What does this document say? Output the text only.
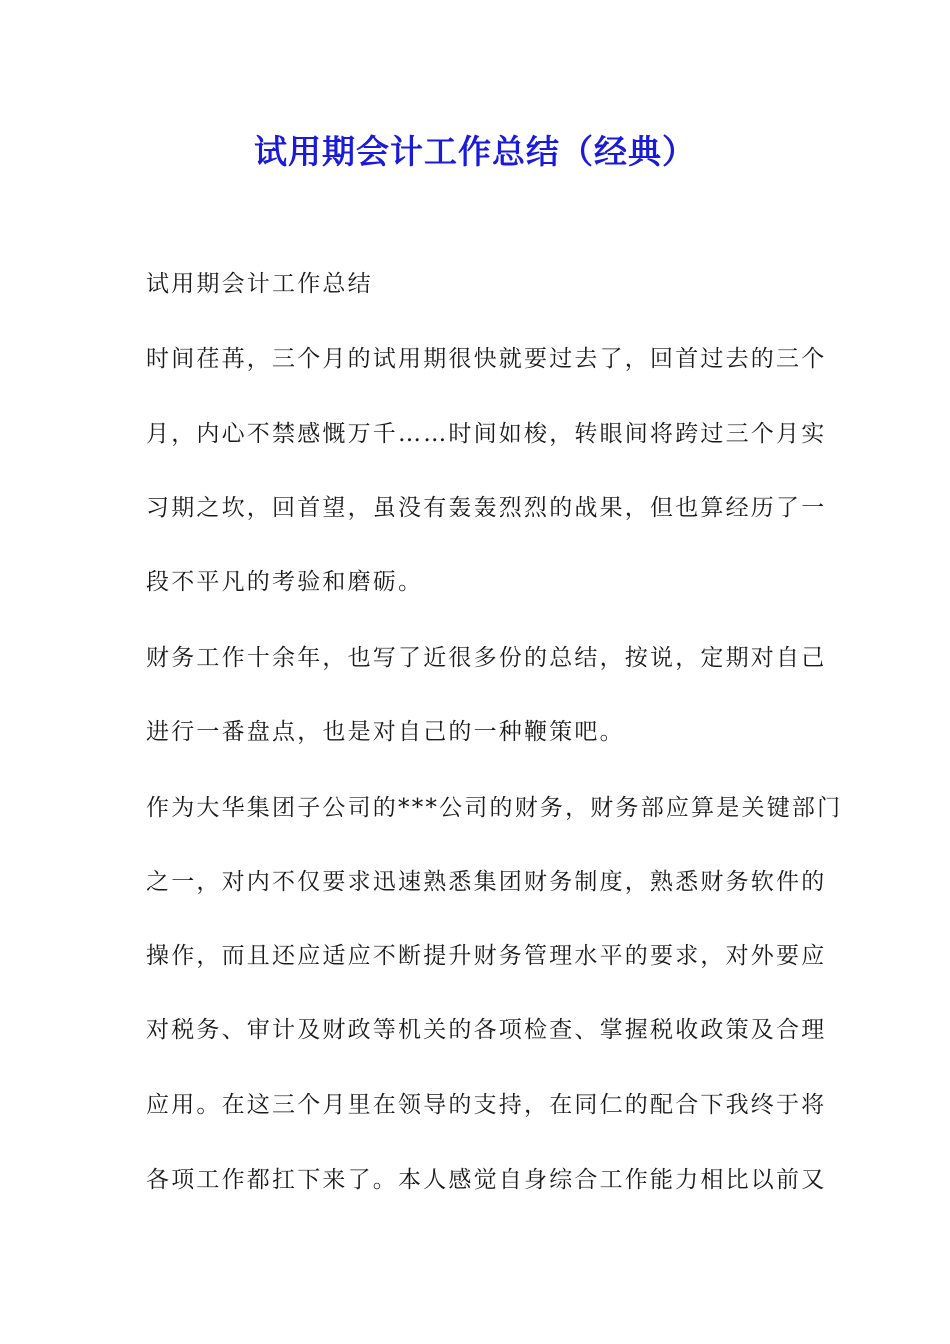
试用期会计工作总结（经典）

试用期会计工作总结

时间荏苒，三个月的试用期很快就要过去了，回首过去的三个

月，内心不禁感慨万千……时间如梭，转眼间将跨过三个月实

习期之坎，回首望，虽没有轰轰烈烈的战果，但也算经历了一

段不平凡的考验和磨砺。

财务工作十余年，也写了近很多份的总结，按说，定期对自己

进行一番盘点，也是对自己的一种鞭策吧。

作为大华集团子公司的***公司的财务，财务部应算是关键部门

之一，对内不仅要求迅速熟悉集团财务制度，熟悉财务软件的

操作，而且还应适应不断提升财务管理水平的要求，对外要应

对税务、审计及财政等机关的各项检查、掌握税收政策及合理

应用。在这三个月里在领导的支持，在同仁的配合下我终于将

各项工作都扛下来了。本人感觉自身综合工作能力相比以前又
